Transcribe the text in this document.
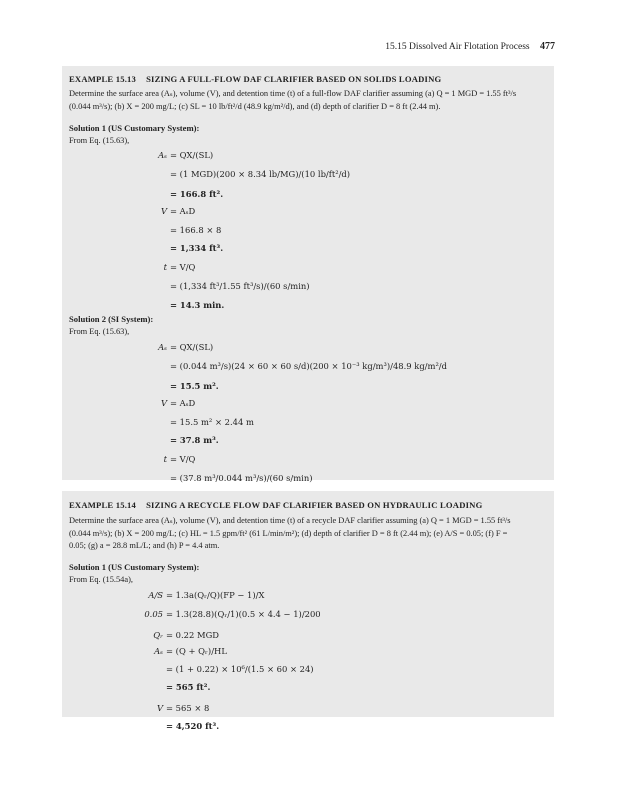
15.15 Dissolved Air Flotation Process 477
EXAMPLE 15.13 SIZING A FULL-FLOW DAF CLARIFIER BASED ON SOLIDS LOADING
Determine the surface area (Aₛ), volume (V), and detention time (t) of a full-flow DAF clarifier assuming (a) Q = 1 MGD = 1.55 ft³/s
(0.044 m³/s); (b) X = 200 mg/L; (c) SL = 10 lb/ft²/d (48.9 kg/m²/d), and (d) depth of clarifier D = 8 ft (2.44 m).
Solution 1 (US Customary System):
From Eq. (15.63),
Aₛ = QX/(SL)
= (1 MGD)(200 × 8.34 lb/MG)/(10 lb/ft²/d)
= 166.8 ft².
V = AₛD
= 166.8 × 8
= 1,334 ft³.
t = V/Q
= (1,334 ft³/1.55 ft³/s)/(60 s/min)
= 14.3 min.
Solution 2 (SI System):
From Eq. (15.63),
Aₛ = QX/(SL)
= (0.044 m³/s)(24 × 60 × 60 s/d)(200 × 10⁻³ kg/m³)/48.9 kg/m²/d
= 15.5 m².
V = AₛD
= 15.5 m² × 2.44 m
= 37.8 m³.
t = V/Q
= (37.8 m³/0.044 m³/s)/(60 s/min)
EXAMPLE 15.14 SIZING A RECYCLE FLOW DAF CLARIFIER BASED ON HYDRAULIC LOADING
Determine the surface area (Aₛ), volume (V), and detention time (t) of a recycle DAF clarifier assuming (a) Q = 1 MGD = 1.55 ft³/s
(0.044 m³/s); (b) X = 200 mg/L; (c) HL = 1.5 gpm/ft² (61 L/min/m²); (d) depth of clarifier D = 8 ft (2.44 m); (e) A/S = 0.05; (f) F =
0.05; (g) a = 28.8 mL/L; and (h) P = 4.4 atm.
Solution 1 (US Customary System):
From Eq. (15.54a),
A/S = 1.3a(Qᵣ/Q)(FP − 1)/X
0.05 = 1.3(28.8)(Qᵣ/1)(0.5 × 4.4 − 1)/200
Qᵣ = 0.22 MGD
Aₛ = (Q + Qᵣ)/HL
= (1 + 0.22) × 10⁶/(1.5 × 60 × 24)
= 565 ft².
V = 565 × 8
= 4,520 ft³.
